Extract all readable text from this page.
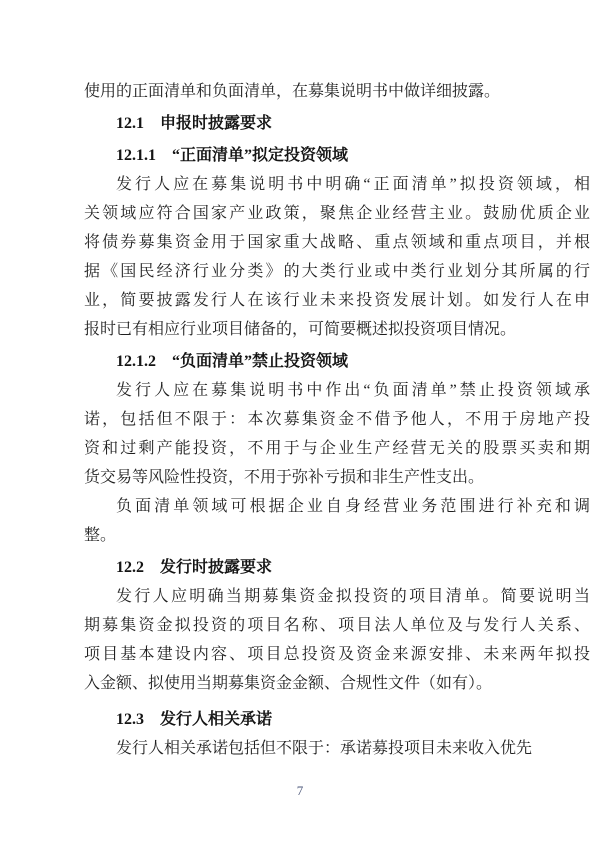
使用的正面清单和负面清单，在募集说明书中做详细披露。
12.1　申报时披露要求
12.1.1　“正面清单”拟定投资领域
发行人应在募集说明书中明确“正面清单”拟投资领域，相
关领域应符合国家产业政策，聚焦企业经营主业。鼓励优质企业
将债券募集资金用于国家重大战略、重点领域和重点项目，并根
据《国民经济行业分类》的大类行业或中类行业划分其所属的行
业，简要披露发行人在该行业未来投资发展计划。如发行人在申
报时已有相应行业项目储备的，可简要概述拟投资项目情况。
12.1.2　“负面清单”禁止投资领域
发行人应在募集说明书中作出“负面清单”禁止投资领域承
诺，包括但不限于：本次募集资金不借予他人，不用于房地产投
资和过剩产能投资，不用于与企业生产经营无关的股票买卖和期
货交易等风险性投资，不用于弥补亏损和非生产性支出。
负面清单领域可根据企业自身经营业务范围进行补充和调
整。
12.2　发行时披露要求
发行人应明确当期募集资金拟投资的项目清单。简要说明当
期募集资金拟投资的项目名称、项目法人单位及与发行人关系、
项目基本建设内容、项目总投资及资金来源安排、未来两年拟投
入金额、拟使用当期募集资金金额、合规性文件（如有）。
12.3　发行人相关承诺
发行人相关承诺包括但不限于：承诺募投项目未来收入优先
7
